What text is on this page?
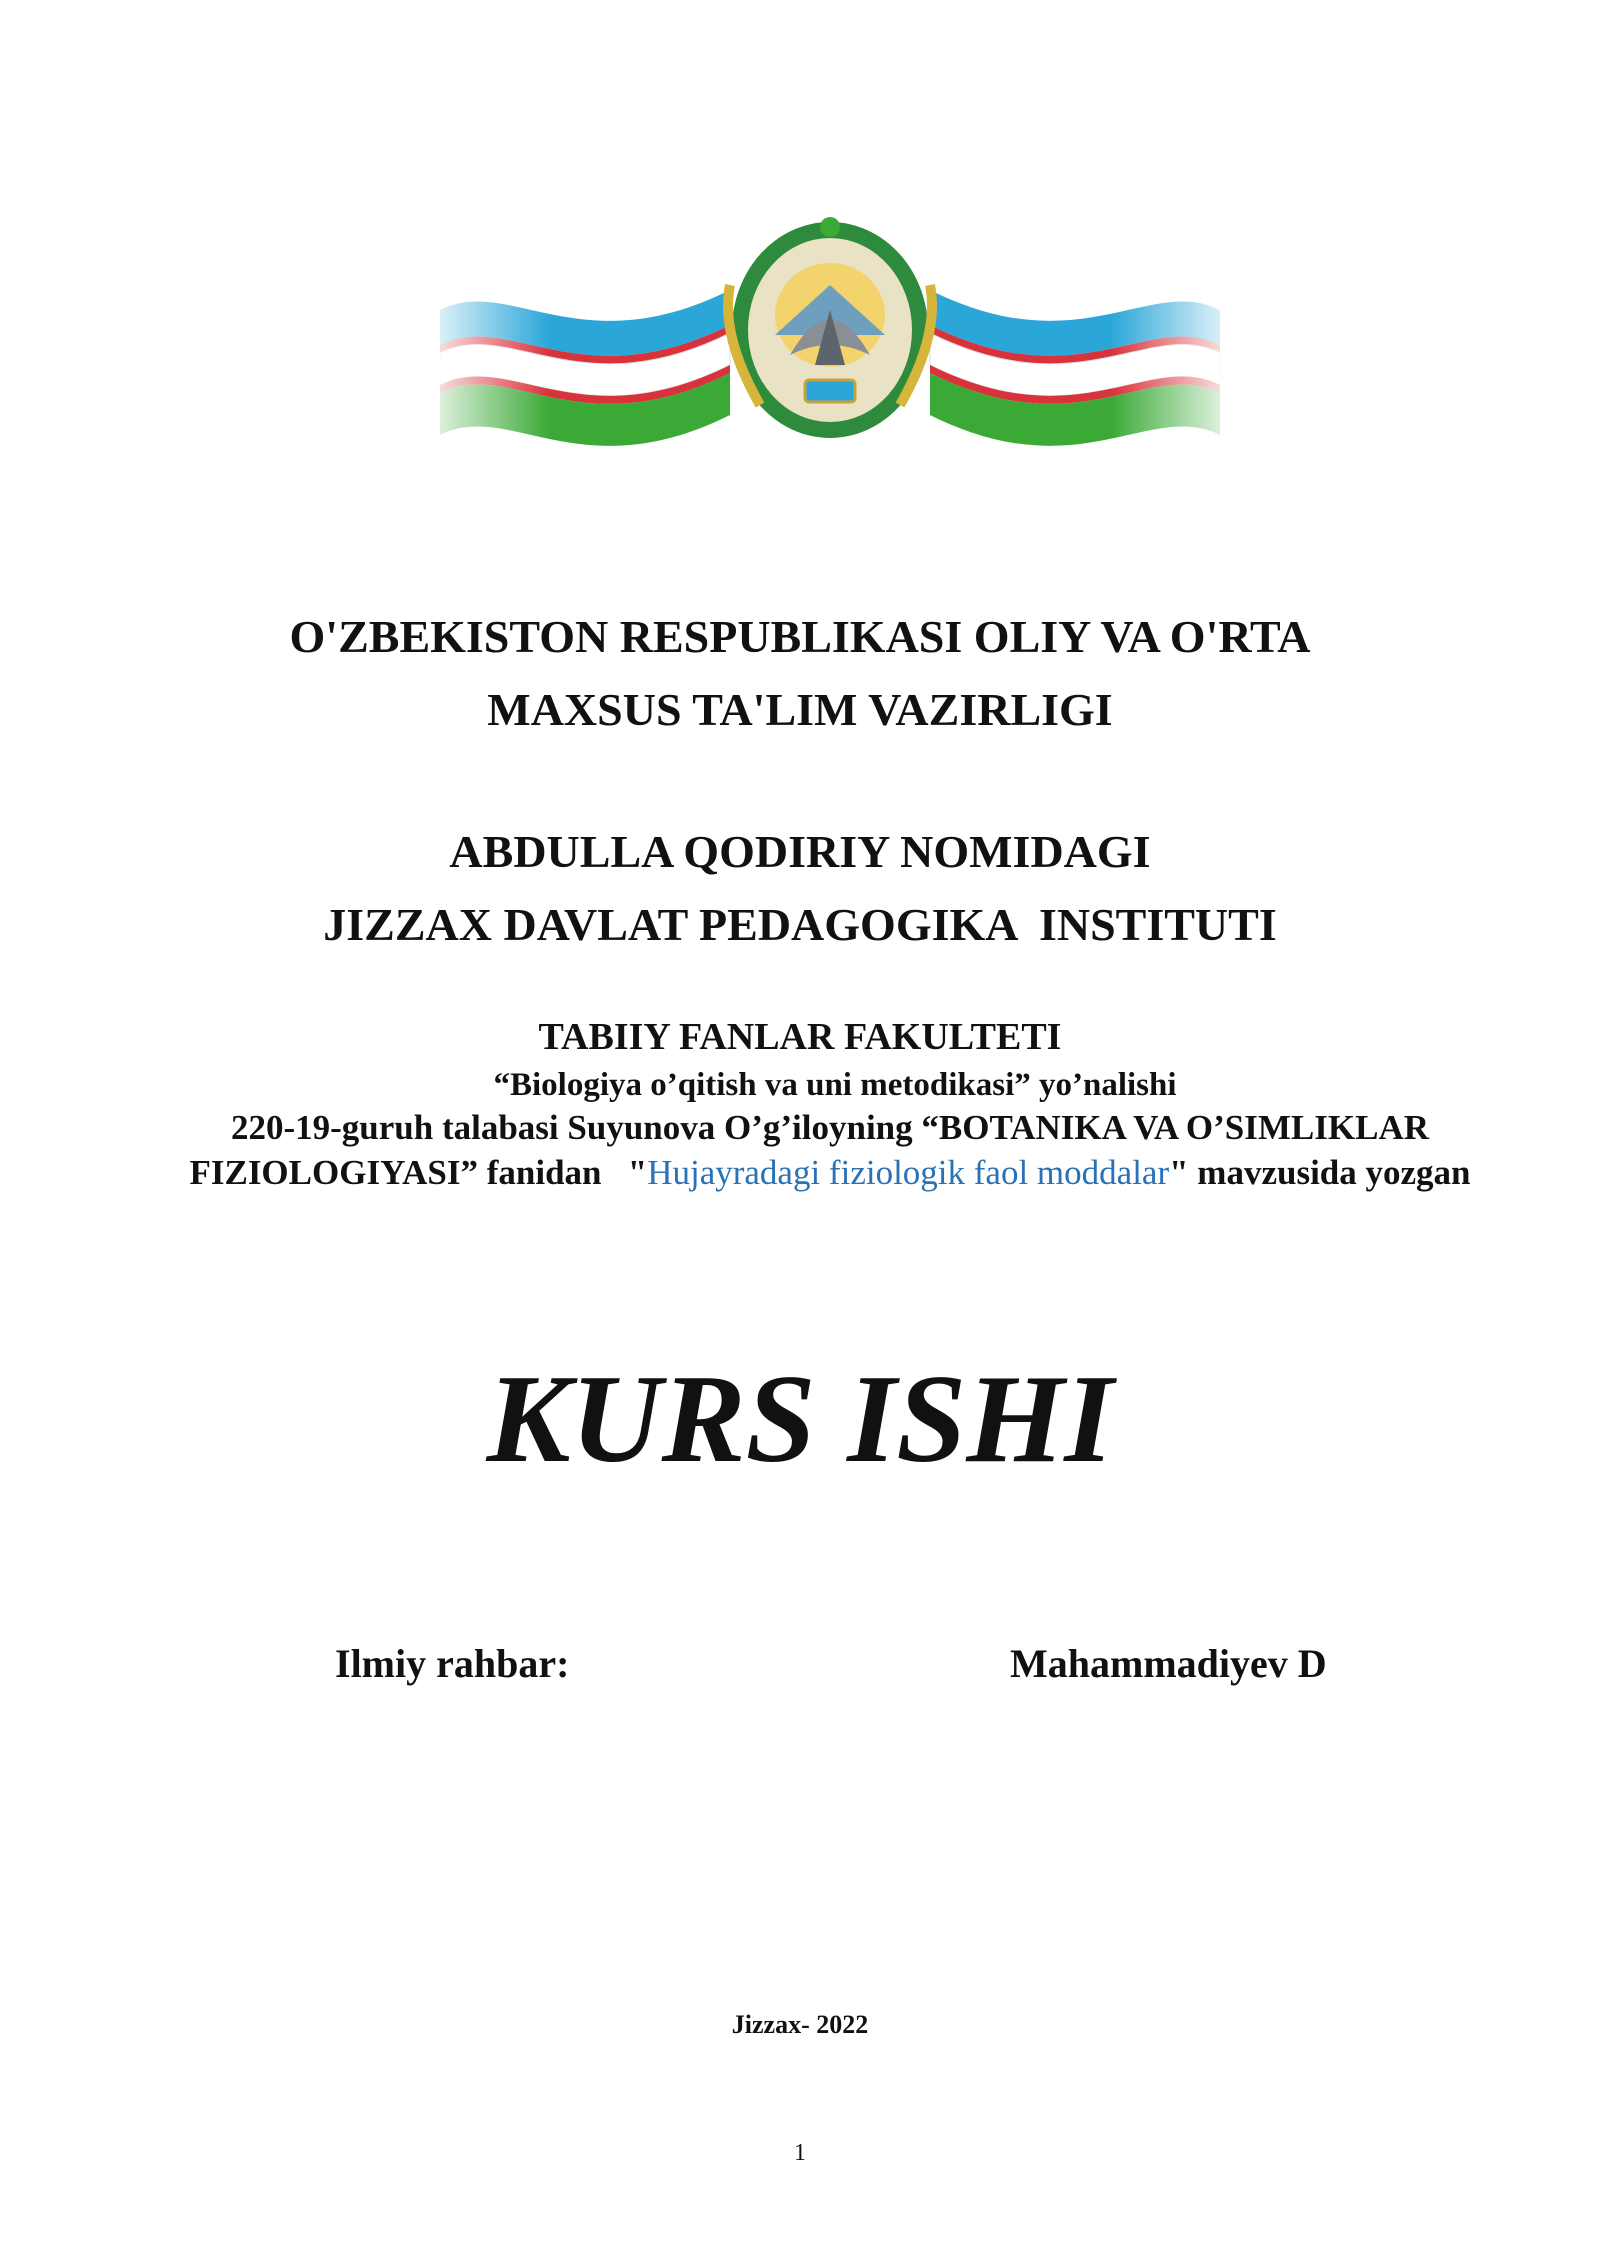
O'ZBEKISTON RESPUBLIKASI OLIY VA O'RTA
MAXSUS TA'LIM VAZIRLIGI
ABDULLA QODIRIY NOMIDAGI
JIZZAX DAVLAT PEDAGOGIKA  INSTITUTI
TABIIY FANLAR FAKULTETI
“Biologiya o’qitish va uni metodikasi” yo’nalishi
220-19-guruh talabasi Suyunova O’g’iloyning “BOTANIKA VA O’SIMLIKLAR FIZIOLOGIYASI” fanidan   "Hujayradagi fiziologik faol moddalar" mavzusida yozgan
KURS ISHI
Ilmiy rahbar:	Mahammadiyev D
Jizzax- 2022
1
